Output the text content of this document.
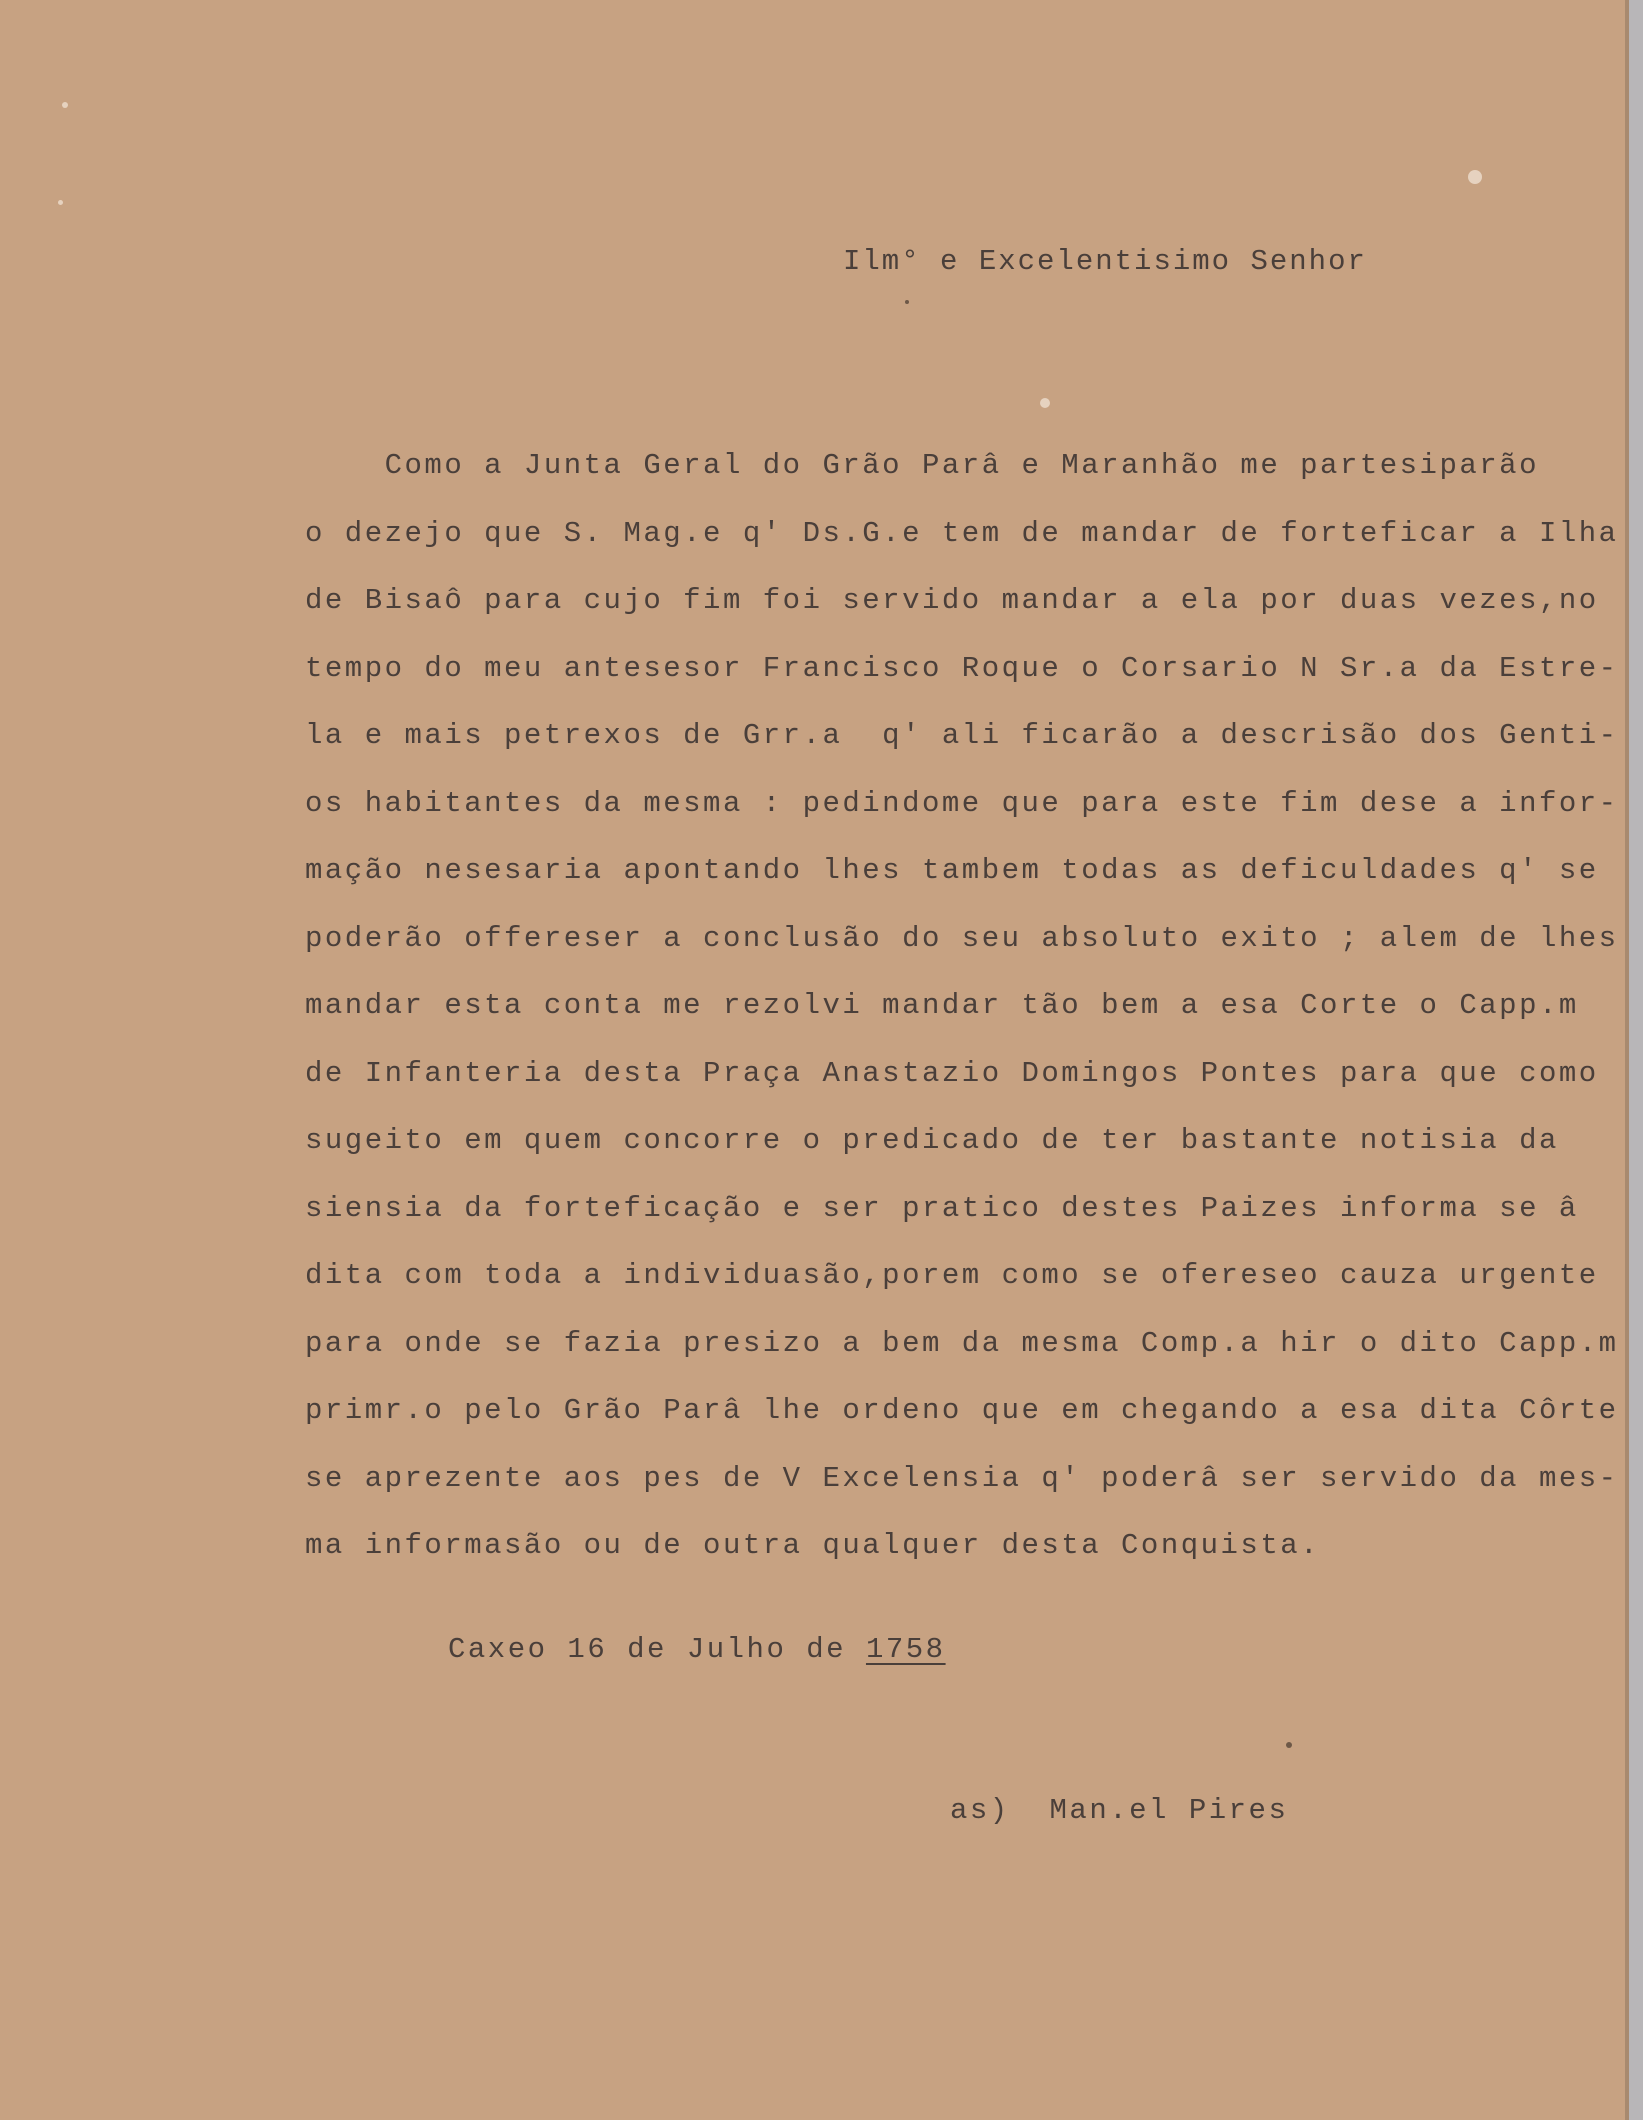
Ilm° e Excelentisimo Senhor
Como a Junta Geral do Grão Parâ e Maranhão me partesiparão
o dezejo que S. Mag.e q' Ds.G.e tem de mandar de forteficar a Ilha
de Bisaô para cujo fim foi servido mandar a ela por duas vezes,no
tempo do meu antesesor Francisco Roque o Corsario N Sr.a da Estre-
la e mais petrexos de Grr.a  q' ali ficarão a descrisão dos Genti-
os habitantes da mesma : pedindome que para este fim dese a infor-
mação nesesaria apontando lhes tambem todas as deficuldades q' se
poderão offereser a conclusão do seu absoluto exito ; alem de lhes
mandar esta conta me rezolvi mandar tão bem a esa Corte o Capp.m
de Infanteria desta Praça Anastazio Domingos Pontes para que como
sugeito em quem concorre o predicado de ter bastante notisia da
siensia da forteficação e ser pratico destes Paizes informa se â
dita com toda a individuasão,porem como se ofereseo cauza urgente
para onde se fazia presizo a bem da mesma Comp.a hir o dito Capp.m
primr.o pelo Grão Parâ lhe ordeno que em chegando a esa dita Côrte
se aprezente aos pes de V Excelensia q' poderâ ser servido da mes-
ma informasão ou de outra qualquer desta Conquista.
Caxeo 16 de Julho de 1758
as)  Man.el Pires
